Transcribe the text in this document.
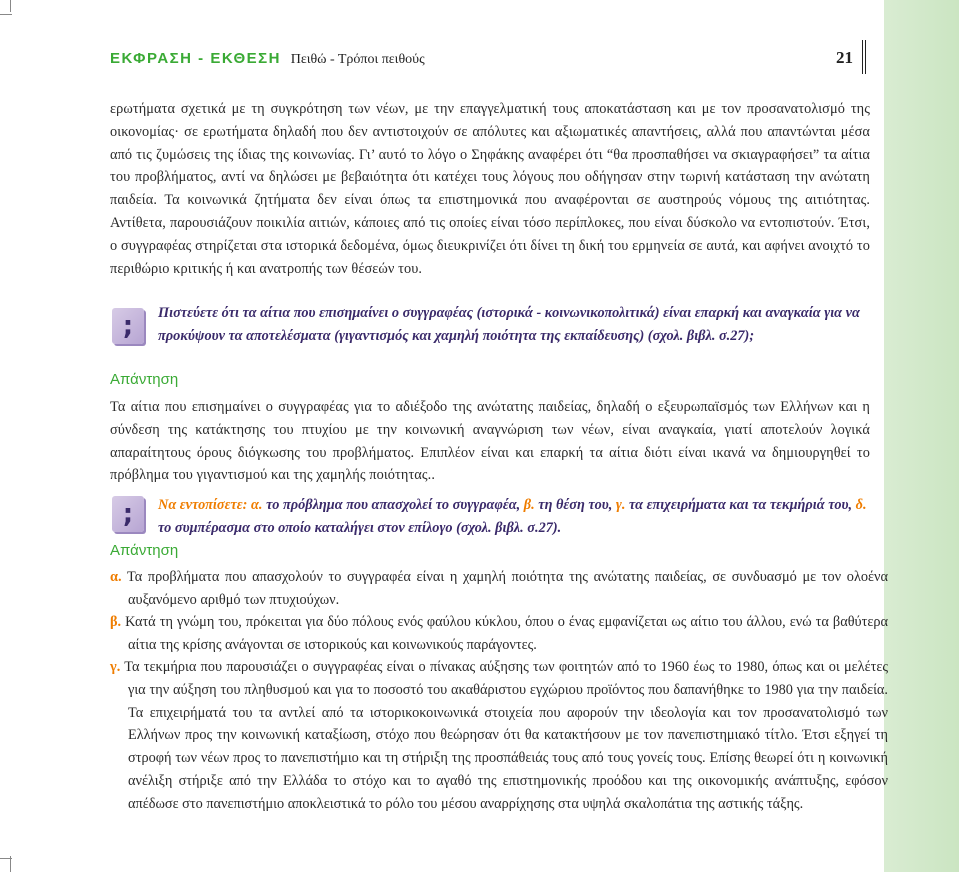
ΕΚΦΡΑΣΗ - ΕΚΘΕΣΗ Πειθώ - Τρόποι πειθούς	21

ερωτήματα σχετικά με τη συγκρότηση των νέων, με την επαγγελματική τους αποκατάσταση και με τον προσανατολισμό της οικονομίας· σε ερωτήματα δηλαδή που δεν αντιστοιχούν σε απόλυτες και αξιωματικές απαντήσεις, αλλά που απαντώνται μέσα από τις ζυμώσεις της ίδιας της κοινωνίας. Γι’ αυτό το λόγο ο Σηφάκης αναφέρει ότι “θα προσπαθήσει να σκιαγραφήσει” τα αίτια του προβλήματος, αντί να δηλώσει με βεβαιότητα ότι κατέχει τους λόγους που οδήγησαν στην τωρινή κατάσταση την ανώτατη παιδεία. Τα κοινωνικά ζητήματα δεν είναι όπως τα επιστημονικά που αναφέρονται σε αυστηρούς νόμους της αιτιότητας. Αντίθετα, παρουσιάζουν ποικιλία αιτιών, κάποιες από τις οποίες είναι τόσο περίπλοκες, που είναι δύσκολο να εντοπιστούν. Έτσι, ο συγγραφέας στηρίζεται στα ιστορικά δεδομένα, όμως διευκρινίζει ότι δίνει τη δική του ερμηνεία σε αυτά, και αφήνει ανοιχτό το περιθώριο κριτικής ή και ανατροπής των θέσεών του.

;	Πιστεύετε ότι τα αίτια που επισημαίνει ο συγγραφέας (ιστορικά - κοινωνικοπολιτικά) είναι επαρκή και αναγκαία για να προκύψουν τα αποτελέσματα (γιγαντισμός και χαμηλή ποιότητα της εκπαίδευσης) (σχολ. βιβλ. σ.27);

Απάντηση

Τα αίτια που επισημαίνει ο συγγραφέας για το αδιέξοδο της ανώτατης παιδείας, δηλαδή ο εξευρωπαϊσμός των Ελλήνων και η σύνδεση της κατάκτησης του πτυχίου με την κοινωνική αναγνώριση των νέων, είναι αναγκαία, γιατί αποτελούν λογικά απαραίτητους όρους διόγκωσης του προβλήματος. Επιπλέον είναι και επαρκή τα αίτια διότι είναι ικανά να δημιουργηθεί το πρόβλημα του γιγαντισμού και της χαμηλής ποιότητας..

;	Να εντοπίσετε: α. το πρόβλημα που απασχολεί το συγγραφέα, β. τη θέση του, γ. τα επιχειρήματα και τα τεκμήριά του, δ. το συμπέρασμα στο οποίο καταλήγει στον επίλογο (σχολ. βιβλ. σ.27).

Απάντηση

α. Τα προβλήματα που απασχολούν το συγγραφέα είναι η χαμηλή ποιότητα της ανώτατης παιδείας, σε συνδυασμό με τον ολοένα αυξανόμενο αριθμό των πτυχιούχων.

β. Κατά τη γνώμη του, πρόκειται για δύο πόλους ενός φαύλου κύκλου, όπου ο ένας εμφανίζεται ως αίτιο του άλλου, ενώ τα βαθύτερα αίτια της κρίσης ανάγονται σε ιστορικούς και κοινωνικούς παράγοντες.

γ. Τα τεκμήρια που παρουσιάζει ο συγγραφέας είναι ο πίνακας αύξησης των φοιτητών από το 1960 έως το 1980, όπως και οι μελέτες για την αύξηση του πληθυσμού και για το ποσοστό του ακαθάριστου εγχώριου προϊόντος που δαπανήθηκε το 1980 για την παιδεία. Τα επιχειρήματά του τα αντλεί από τα ιστορικοκοινωνικά στοιχεία που αφορούν την ιδεολογία και τον προσανατολισμό των Ελλήνων προς την κοινωνική καταξίωση, στόχο που θεώρησαν ότι θα κατακτήσουν με τον πανεπιστημιακό τίτλο. Έτσι εξηγεί τη στροφή των νέων προς το πανεπιστήμιο και τη στήριξη της προσπάθειάς τους από τους γονείς τους. Επίσης θεωρεί ότι η κοινωνική ανέλιξη στήριξε από την Ελλάδα το στόχο και το αγαθό της επιστημονικής προόδου και της οικονομικής ανάπτυξης, εφόσον απέδωσε στο πανεπιστήμιο αποκλειστικά το ρόλο του μέσου αναρρίχησης στα υψηλά σκαλοπάτια της αστικής τάξης.
